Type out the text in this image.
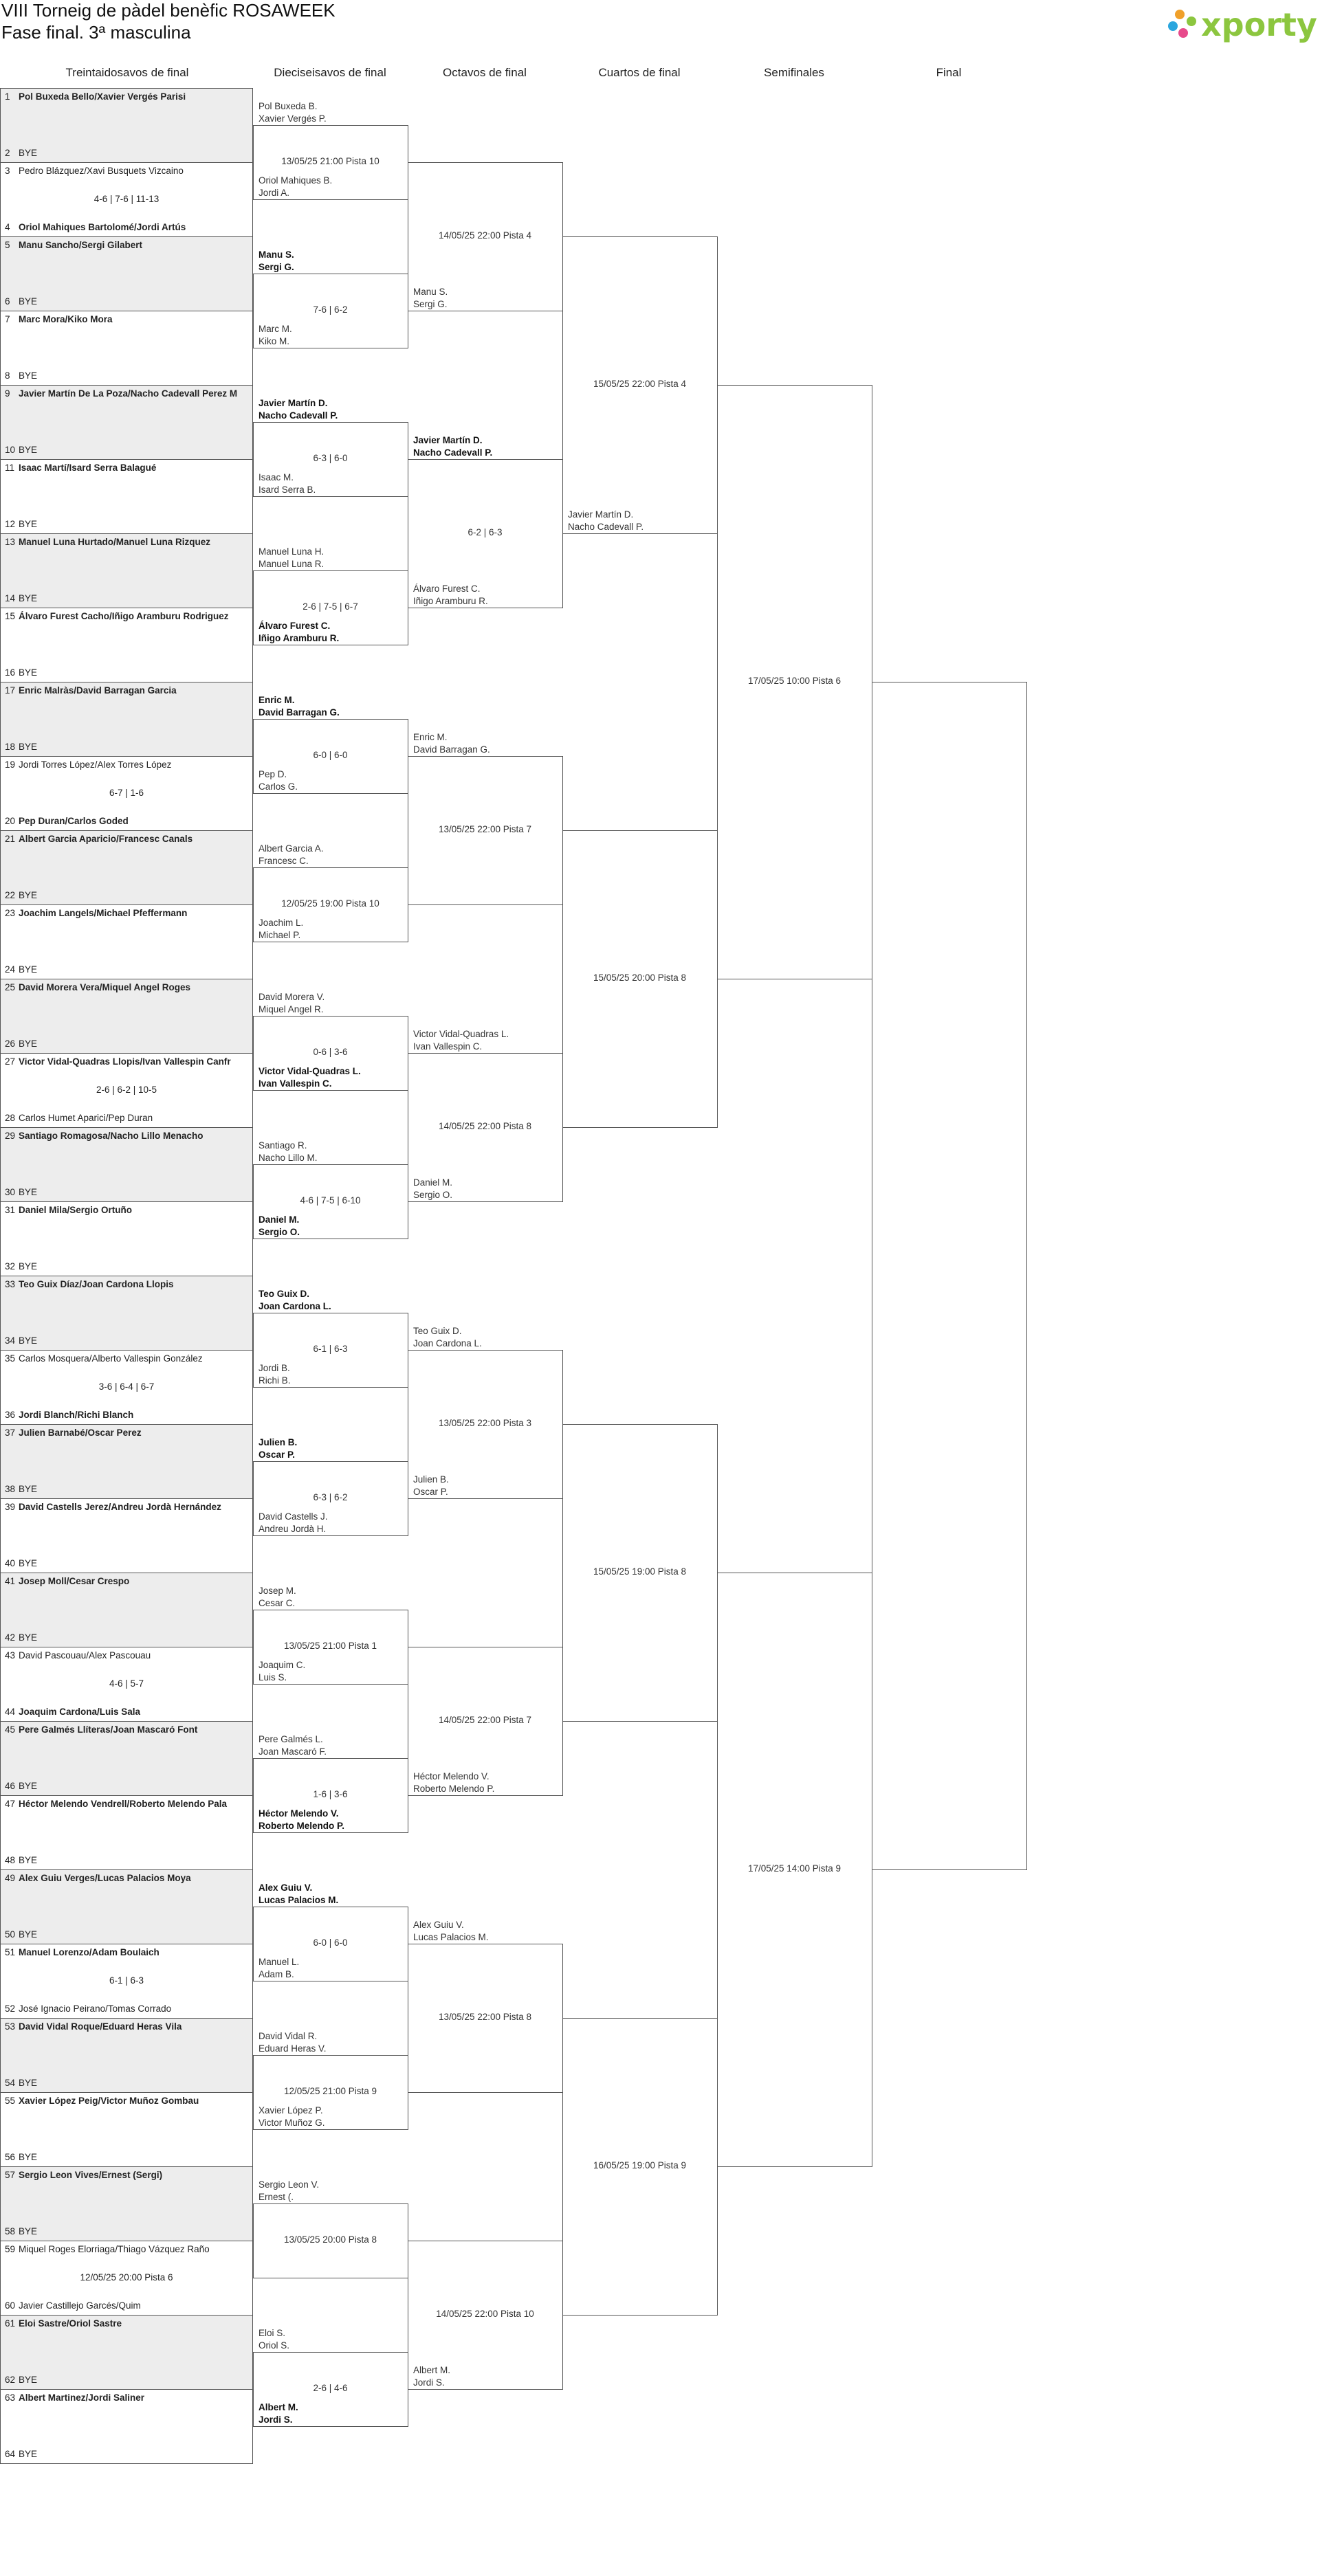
VIII Torneig de pàdel benèfic ROSAWEEK
Fase final. 3ª masculina	xporty
Treintaidosavos de final	Dieciseisavos de final	Octavos de final	Cuartos de final	Semifinales	Final
1 Pol Buxeda Bello/Xavier Vergés Parisi
2 BYE
3 Pedro Blázquez/Xavi Busquets Vizcaino
4 Oriol Mahiques Bartolomé/Jordi Artús
4-6 | 7-6 | 11-13
5 Manu Sancho/Sergi Gilabert
6 BYE
7 Marc Mora/Kiko Mora
8 BYE
9 Javier Martín De La Poza/Nacho Cadevall Perez M
10 BYE
11 Isaac Martí/Isard Serra Balagué
12 BYE
13 Manuel Luna Hurtado/Manuel Luna Rizquez
14 BYE
15 Álvaro Furest Cacho/Iñigo Aramburu Rodriguez
16 BYE
17 Enric Malràs/David Barragan Garcia
18 BYE
19 Jordi Torres López/Alex Torres López
20 Pep Duran/Carlos Goded
6-7 | 1-6
21 Albert Garcia Aparicio/Francesc Canals
22 BYE
23 Joachim Langels/Michael Pfeffermann
24 BYE
25 David Morera Vera/Miquel Angel Roges
26 BYE
27 Victor Vidal-Quadras Llopis/Ivan Vallespin Canfr
28 Carlos Humet Aparici/Pep Duran
2-6 | 6-2 | 10-5
29 Santiago Romagosa/Nacho Lillo Menacho
30 BYE
31 Daniel Mila/Sergio Ortuño
32 BYE
33 Teo Guix Díaz/Joan Cardona Llopis
34 BYE
35 Carlos Mosquera/Alberto Vallespin González
36 Jordi Blanch/Richi Blanch
3-6 | 6-4 | 6-7
37 Julien Barnabé/Oscar Perez
38 BYE
39 David Castells Jerez/Andreu Jordà Hernández
40 BYE
41 Josep Moll/Cesar Crespo
42 BYE
43 David Pascouau/Alex Pascouau
44 Joaquim Cardona/Luis Sala
4-6 | 5-7
45 Pere Galmés Llíteras/Joan Mascaró Font
46 BYE
47 Héctor Melendo Vendrell/Roberto Melendo Pala
48 BYE
49 Alex Guiu Verges/Lucas Palacios Moya
50 BYE
51 Manuel Lorenzo/Adam Boulaich
52 José Ignacio Peirano/Tomas Corrado
6-1 | 6-3
53 David Vidal Roque/Eduard Heras Vila
54 BYE
55 Xavier López Peig/Victor Muñoz Gombau
56 BYE
57 Sergio Leon Vives/Ernest (Sergi)
58 BYE
59 Miquel Roges Elorriaga/Thiago Vázquez Raño
60 Javier Castillejo Garcés/Quim
12/05/25 20:00 Pista 6
61 Eloi Sastre/Oriol Sastre
62 BYE
63 Albert Martinez/Jordi Saliner
64 BYE
Pol Buxeda B.
Xavier Vergés P.
Oriol Mahiques B.
Jordi A.
13/05/25 21:00 Pista 10
Manu S.
Sergi G.
Marc M.
Kiko M.
7-6 | 6-2
Javier Martín D.
Nacho Cadevall P.
Isaac M.
Isard Serra B.
6-3 | 6-0
Manuel Luna H.
Manuel Luna R.
Álvaro Furest C.
Iñigo Aramburu R.
2-6 | 7-5 | 6-7
Enric M.
David Barragan G.
Pep D.
Carlos G.
6-0 | 6-0
Albert Garcia A.
Francesc C.
Joachim L.
Michael P.
12/05/25 19:00 Pista 10
David Morera V.
Miquel Angel R.
Victor Vidal-Quadras L.
Ivan Vallespin C.
0-6 | 3-6
Santiago R.
Nacho Lillo M.
Daniel M.
Sergio O.
4-6 | 7-5 | 6-10
Teo Guix D.
Joan Cardona L.
Jordi B.
Richi B.
6-1 | 6-3
Julien B.
Oscar P.
David Castells J.
Andreu Jordà H.
6-3 | 6-2
Josep M.
Cesar C.
Joaquim C.
Luis S.
13/05/25 21:00 Pista 1
Pere Galmés L.
Joan Mascaró F.
Héctor Melendo V.
Roberto Melendo P.
1-6 | 3-6
Alex Guiu V.
Lucas Palacios M.
Manuel L.
Adam B.
6-0 | 6-0
David Vidal R.
Eduard Heras V.
Xavier López P.
Victor Muñoz G.
12/05/25 21:00 Pista 9
Sergio Leon V.
Ernest (.
13/05/25 20:00 Pista 8
Eloi S.
Oriol S.
Albert M.
Jordi S.
2-6 | 4-6
Manu S.
Sergi G.
14/05/25 22:00 Pista 4
Javier Martín D.
Nacho Cadevall P.
Álvaro Furest C.
Iñigo Aramburu R.
6-2 | 6-3
Enric M.
David Barragan G.
13/05/25 22:00 Pista 7
Victor Vidal-Quadras L.
Ivan Vallespin C.
Daniel M.
Sergio O.
14/05/25 22:00 Pista 8
Teo Guix D.
Joan Cardona L.
Julien B.
Oscar P.
13/05/25 22:00 Pista 3
Héctor Melendo V.
Roberto Melendo P.
14/05/25 22:00 Pista 7
Alex Guiu V.
Lucas Palacios M.
13/05/25 22:00 Pista 8
Albert M.
Jordi S.
14/05/25 22:00 Pista 10
Javier Martín D.
Nacho Cadevall P.
15/05/25 22:00 Pista 4
15/05/25 20:00 Pista 8
15/05/25 19:00 Pista 8
16/05/25 19:00 Pista 9
17/05/25 10:00 Pista 6
17/05/25 14:00 Pista 9
